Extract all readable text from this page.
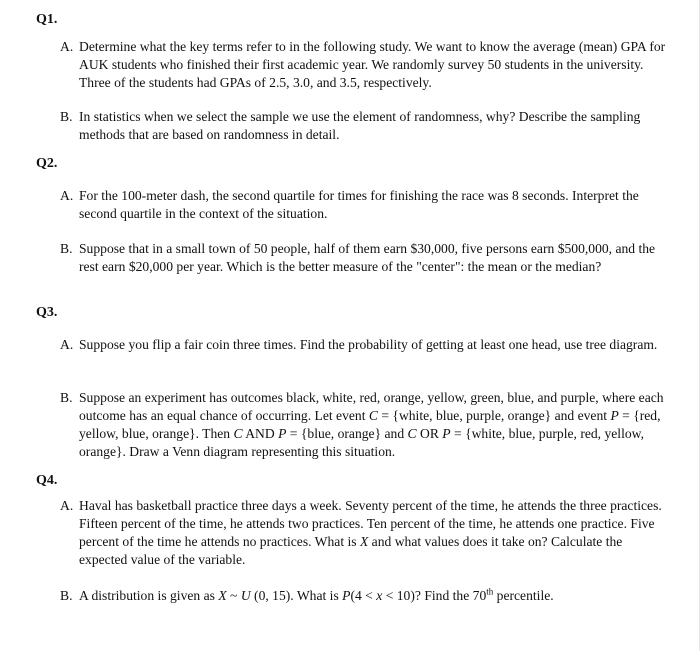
Q1.
A. Determine what the key terms refer to in the following study. We want to know the average (mean) GPA for AUK students who finished their first academic year. We randomly survey 50 students in the university. Three of the students had GPAs of 2.5, 3.0, and 3.5, respectively.
B. In statistics when we select the sample we use the element of randomness, why? Describe the sampling methods that are based on randomness in detail.
Q2.
A. For the 100-meter dash, the second quartile for times for finishing the race was 8 seconds. Interpret the second quartile in the context of the situation.
B. Suppose that in a small town of 50 people, half of them earn $30,000, five persons earn $500,000, and the rest earn $20,000 per year. Which is the better measure of the "center": the mean or the median?
Q3.
A. Suppose you flip a fair coin three times. Find the probability of getting at least one head, use tree diagram.
B. Suppose an experiment has outcomes black, white, red, orange, yellow, green, blue, and purple, where each outcome has an equal chance of occurring. Let event C = {white, blue, purple, orange} and event P = {red, yellow, blue, orange}. Then C AND P = {blue, orange} and C OR P = {white, blue, purple, red, yellow, orange}. Draw a Venn diagram representing this situation.
Q4.
A. Haval has basketball practice three days a week. Seventy percent of the time, he attends the three practices. Fifteen percent of the time, he attends two practices. Ten percent of the time, he attends one practice. Five percent of the time he attends no practices. What is X and what values does it take on? Calculate the expected value of the variable.
B. A distribution is given as X ~ U (0, 15). What is P(4 < x < 10)? Find the 70th percentile.
